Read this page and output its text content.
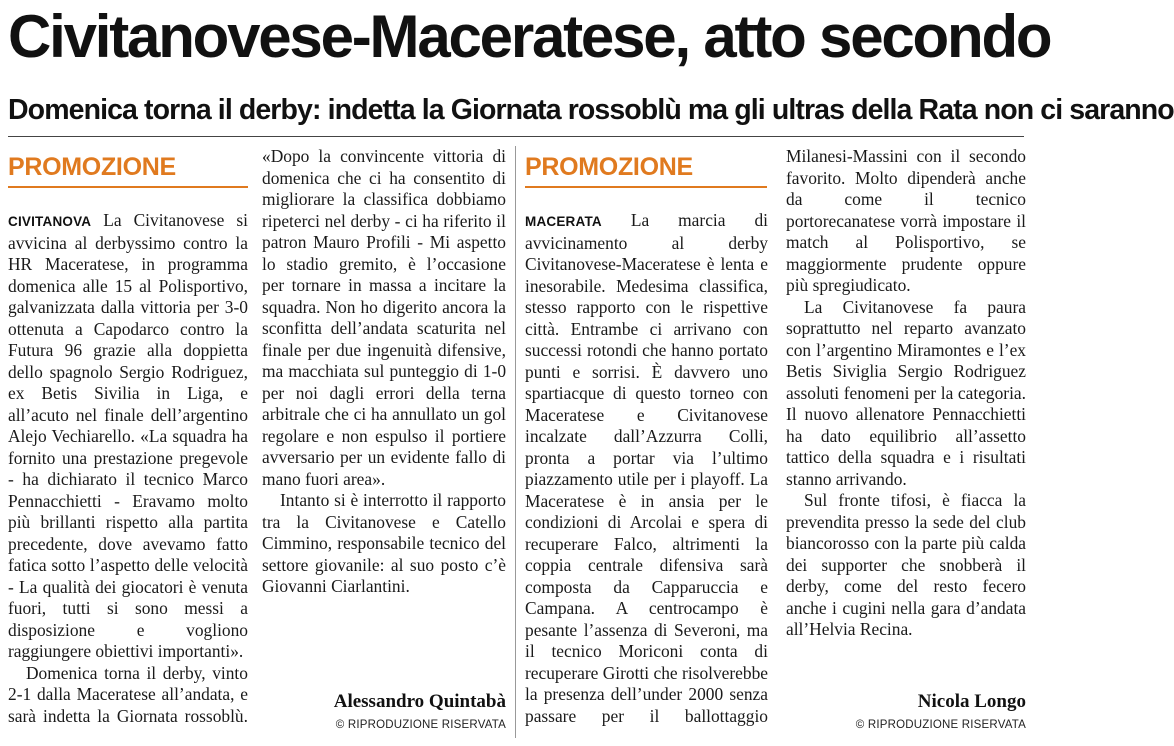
Civitanovese-Maceratese, atto secondo
Domenica torna il derby: indetta la Giornata rossoblù ma gli ultras della Rata non ci saranno
PROMOZIONE

CIVITANOVA La Civitanovese si avvicina al derbyssimo contro la HR Maceratese, in programma domenica alle 15 al Polisportivo, galvanizzata dalla vittoria per 3-0 ottenuta a Capodarco contro la Futura 96 grazie alla doppietta dello spagnolo Sergio Rodriguez, ex Betis Sivilia in Liga, e all’acuto nel finale dell’argentino Alejo Vechiarello. «La squadra ha fornito una prestazione pregevole - ha dichiarato il tecnico Marco Pennacchietti - Eravamo molto più brillanti rispetto alla partita precedente, dove avevamo fatto fatica sotto l’aspetto delle velocità - La qualità dei giocatori è venuta fuori, tutti si sono messi a disposizione e vogliono raggiungere obiettivi importanti».

Domenica torna il derby, vinto 2-1 dalla Maceratese all’andata, e sarà indetta la Giornata rossoblù.

«Dopo la convincente vittoria di domenica che ci ha consentito di migliorare la classifica dobbiamo ripeterci nel derby - ci ha riferito il patron Mauro Profili - Mi aspetto lo stadio gremito, è l’occasione per tornare in massa a incitare la squadra. Non ho digerito ancora la sconfitta dell’andata scaturita nel finale per due ingenuità difensive, ma macchiata sul punteggio di 1-0 per noi dagli errori della terna arbitrale che ci ha annullato un gol regolare e non espulso il portiere avversario per un evidente fallo di mano fuori area».

Intanto si è interrotto il rapporto tra la Civitanovese e Catello Cimmino, responsabile tecnico del settore giovanile: al suo posto c’è Giovanni Ciarlantini.

Alessandro Quintabà
© RIPRODUZIONE RISERVATA
PROMOZIONE

MACERATA La marcia di avvicinamento	al	derby Civitanovese-Maceratese è lenta e inesorabile. Medesima classifica, stesso rapporto con le rispettive città. Entrambe ci arrivano con successi rotondi che hanno portato punti e sorrisi. È davvero uno spartiacque di questo torneo con Maceratese e Civitanovese incalzate dall’Azzurra Colli, pronta a portar via l’ultimo piazzamento utile per i playoff. La Maceratese è in ansia per le condizioni di Arcolai e spera di recuperare Falco, altrimenti la coppia centrale difensiva sarà composta da Capparuccia e Campana. A centrocampo è pesante l’assenza di Severoni, ma il tecnico Moriconi conta di recuperare Girotti che risolverebbe la presenza dell’under 2000 senza passare per il ballottaggio

Milanesi-Massini con il secondo favorito. Molto dipenderà anche da come il tecnico portorecanatese vorrà impostare il match al Polisportivo, se maggiormente prudente oppure più spregiudicato.

La Civitanovese fa paura soprattutto nel reparto avanzato con l’argentino Miramontes e l’ex Betis Siviglia Sergio Rodriguez assoluti fenomeni per la categoria. Il nuovo allenatore Pennacchietti ha dato equilibrio all’assetto tattico della squadra e i risultati stanno arrivando.

Sul fronte tifosi, è fiacca la prevendita presso la sede del club biancorosso con la parte più calda dei supporter che snobberà il derby, come del resto fecero anche i cugini nella gara d’andata all’Helvia Recina.

Nicola Longo
© RIPRODUZIONE RISERVATA
